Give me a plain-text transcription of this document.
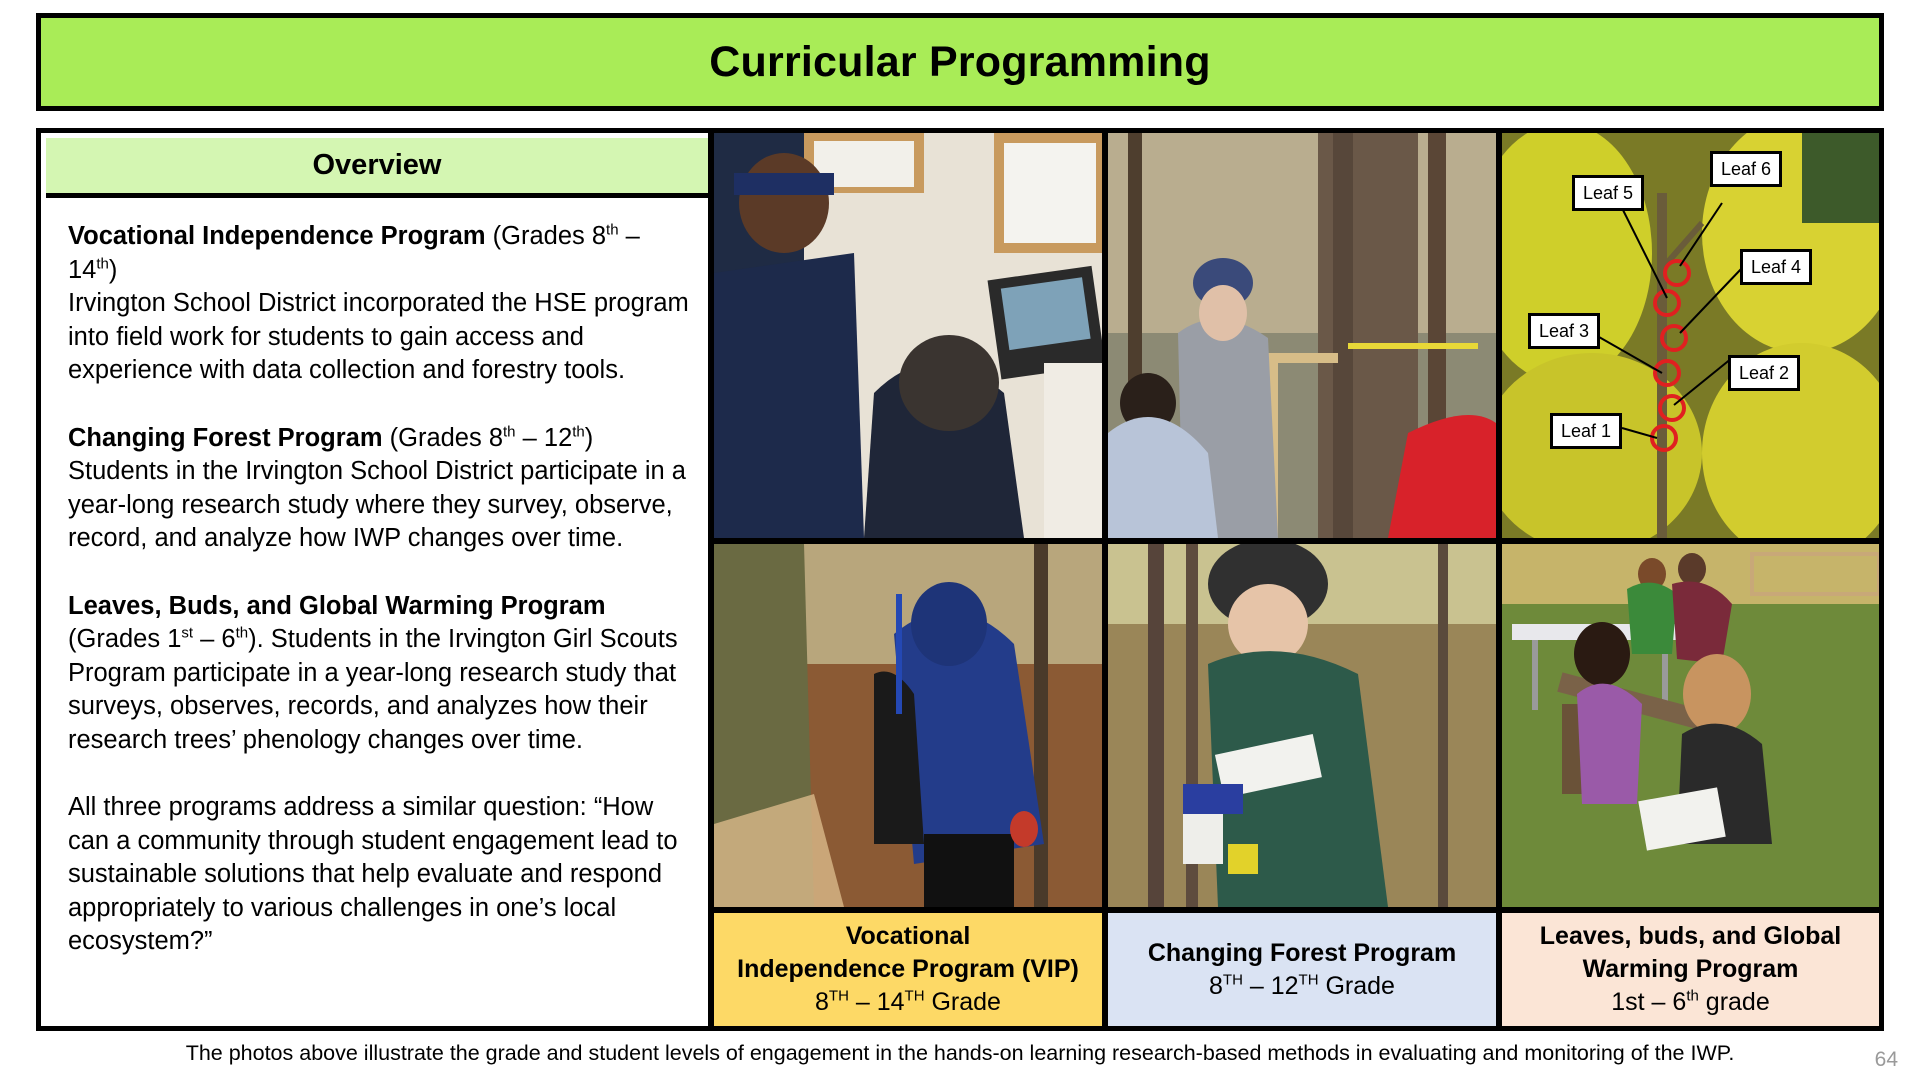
Curricular Programming
Overview

Vocational Independence Program (Grades 8th – 14th)
Irvington School District incorporated the HSE program into field work for students to gain access and experience with data collection and forestry tools.

Changing Forest Program (Grades 8th – 12th)
Students in the Irvington School District participate in a year-long research study where they survey, observe, record, and analyze how IWP changes over time.

Leaves, Buds, and Global Warming Program (Grades 1st – 6th). Students in the Irvington Girl Scouts Program participate in a year-long research study that surveys, observes, records, and analyzes how their research trees’ phenology changes over time.

All three programs address a similar question: “How can a community through student engagement lead to sustainable solutions that help evaluate and respond appropriately to various challenges in one’s local ecosystem?”

Leaf 5
Leaf 6
Leaf 4
Leaf 3
Leaf 2
Leaf 1
Vocational
Independence Program (VIP)
8TH – 14TH Grade
Changing Forest Program
8TH – 12TH Grade
Leaves, buds, and Global
Warming Program
1st – 6th grade
The photos above illustrate the grade and student levels of engagement in the hands-on learning research-based methods in evaluating and monitoring of the IWP.	64
